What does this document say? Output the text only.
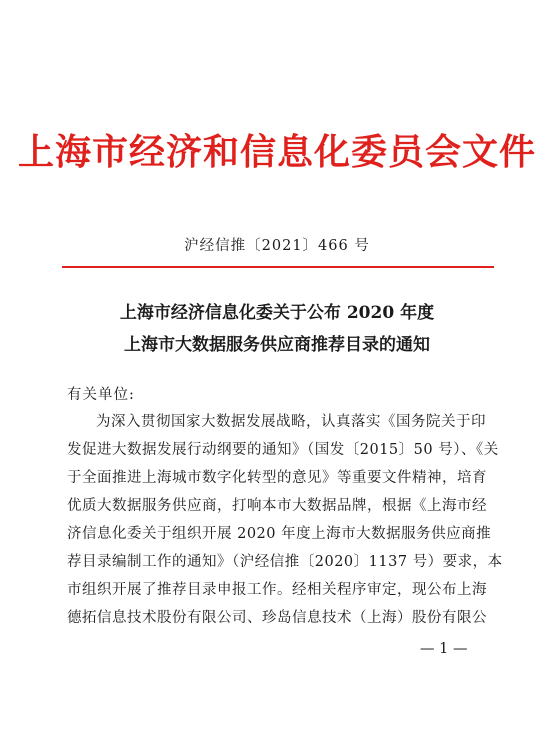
上海市经济和信息化委员会文件
沪经信推〔2021〕466 号
上海市经济信息化委关于公布 2020 年度
上海市大数据服务供应商推荐目录的通知
有关单位:
为深入贯彻国家大数据发展战略，认真落实《国务院关于印
发促进大数据发展行动纲要的通知》（国发〔2015〕50 号）、《关
于全面推进上海城市数字化转型的意见》等重要文件精神，培育
优质大数据服务供应商，打响本市大数据品牌，根据《上海市经
济信息化委关于组织开展 2020 年度上海市大数据服务供应商推
荐目录编制工作的通知》（沪经信推〔2020〕1137 号）要求，本
市组织开展了推荐目录申报工作。经相关程序审定，现公布上海
德拓信息技术股份有限公司、珍岛信息技术（上海）股份有限公
— 1 —
